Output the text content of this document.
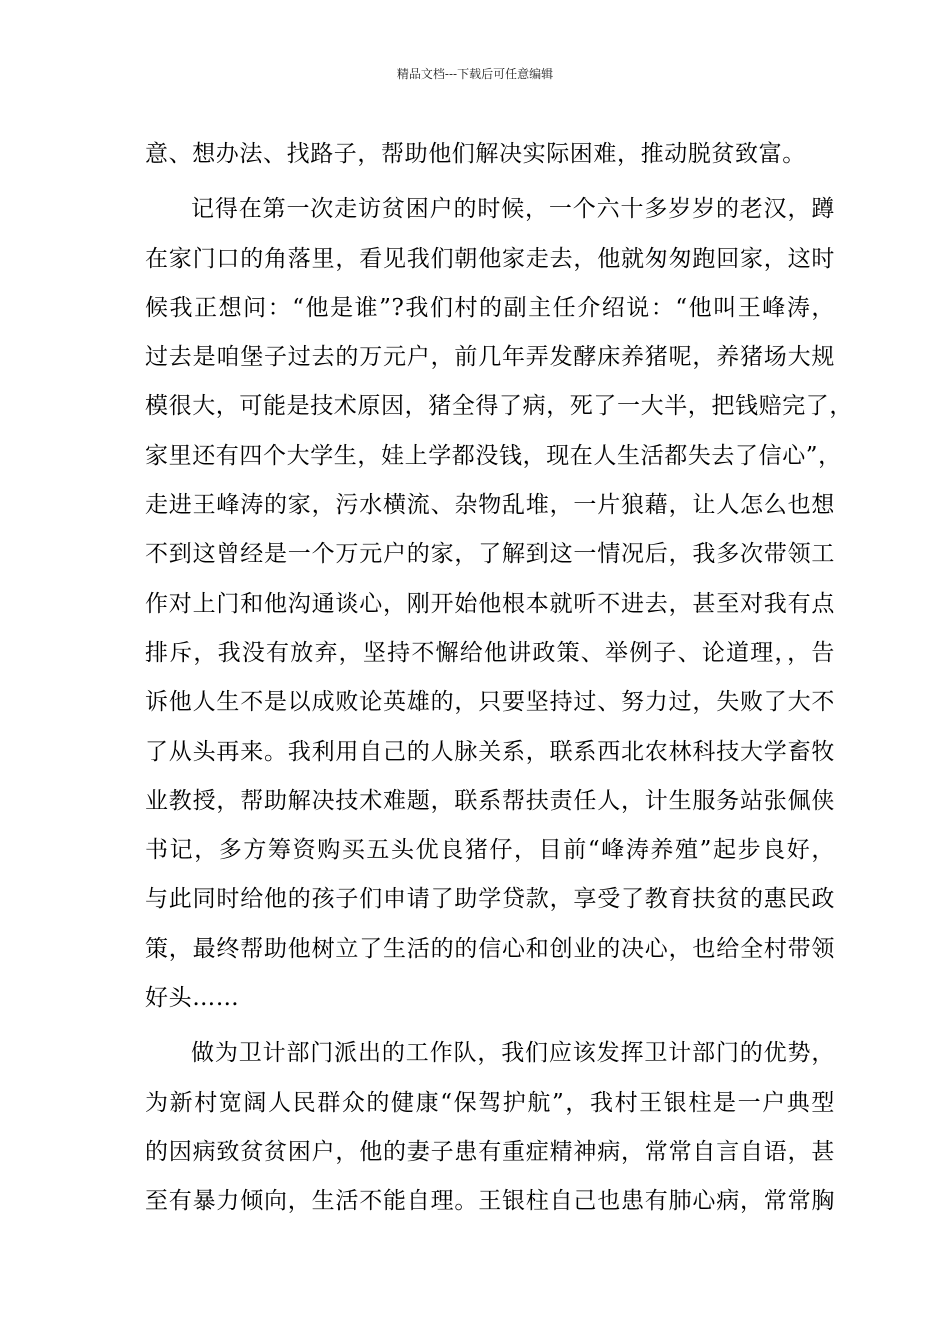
精品文档---下载后可任意编辑
意、想办法、找路子，帮助他们解决实际困难，推动脱贫致富。
记得在第一次走访贫困户的时候，一个六十多岁岁的老汉，蹲
在家门口的角落里，看见我们朝他家走去，他就匆匆跑回家，这时
候我正想问：“他是谁”?我们村的副主任介绍说：“他叫王峰涛，
过去是咱堡子过去的万元户，前几年弄发酵床养猪呢，养猪场大规
模很大，可能是技术原因，猪全得了病，死了一大半，把钱赔完了，
家里还有四个大学生，娃上学都没钱，现在人生活都失去了信心”，
走进王峰涛的家，污水横流、杂物乱堆，一片狼藉，让人怎么也想
不到这曾经是一个万元户的家，了解到这一情况后，我多次带领工
作对上门和他沟通谈心，刚开始他根本就听不进去，甚至对我有点
排斥，我没有放弃，坚持不懈给他讲政策、举例子、论道理，，告
诉他人生不是以成败论英雄的，只要坚持过、努力过，失败了大不
了从头再来。我利用自己的人脉关系，联系西北农林科技大学畜牧
业教授，帮助解决技术难题，联系帮扶责任人，计生服务站张佩侠
书记，多方筹资购买五头优良猪仔，目前“峰涛养殖”起步良好，
与此同时给他的孩子们申请了助学贷款，享受了教育扶贫的惠民政
策，最终帮助他树立了生活的的信心和创业的决心，也给全村带领
好头……
做为卫计部门派出的工作队，我们应该发挥卫计部门的优势，
为新村宽阔人民群众的健康“保驾护航”，我村王银柱是一户典型
的因病致贫贫困户，他的妻子患有重症精神病，常常自言自语，甚
至有暴力倾向，生活不能自理。王银柱自己也患有肺心病，常常胸
